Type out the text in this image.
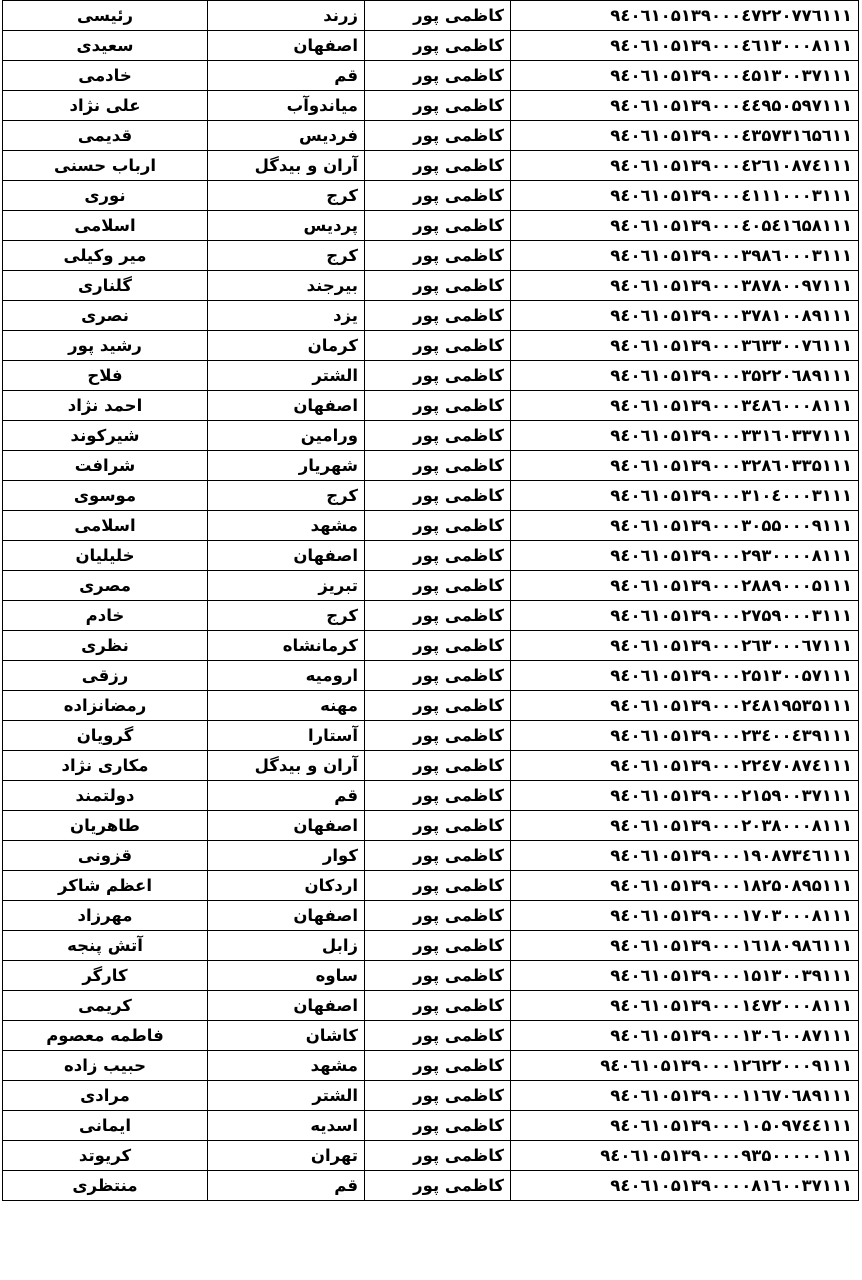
رئیسی	زرند	کاظمی پور	۹٤۰٦۱۰۵۱۳۹۰۰۰٤۷۲۲۰۷۷٦۱۱۱
سعیدی	اصفهان	کاظمی پور	۹٤۰٦۱۰۵۱۳۹۰۰۰٤٦۱۳۰۰۰۸۱۱۱
خادمی	قم	کاظمی پور	۹٤۰٦۱۰۵۱۳۹۰۰۰٤۵۱۳۰۰۳۷۱۱۱
علی نژاد	میاندوآب	کاظمی پور	۹٤۰٦۱۰۵۱۳۹۰۰۰٤٤۹۵۰۵۹۷۱۱۱
قدیمی	فردیس	کاظمی پور	۹٤۰٦۱۰۵۱۳۹۰۰۰٤۳۵۷۳۱٦۵٦۱۱
ارباب حسنی	آران و بیدگل	کاظمی پور	۹٤۰٦۱۰۵۱۳۹۰۰۰٤۲٦۱۰۸۷٤۱۱۱
نوری	کرج	کاظمی پور	۹٤۰٦۱۰۵۱۳۹۰۰۰٤۱۱۱۰۰۰۳۱۱۱
اسلامی	پردیس	کاظمی پور	۹٤۰٦۱۰۵۱۳۹۰۰۰٤۰۵٤۱٦۵۸۱۱۱
میر وکیلی	کرج	کاظمی پور	۹٤۰٦۱۰۵۱۳۹۰۰۰۳۹۸٦۰۰۰۳۱۱۱
گلناری	بیرجند	کاظمی پور	۹٤۰٦۱۰۵۱۳۹۰۰۰۳۸۷۸۰۰۹۷۱۱۱
نصری	یزد	کاظمی پور	۹٤۰٦۱۰۵۱۳۹۰۰۰۳۷۸۱۰۰۸۹۱۱۱
رشید پور	کرمان	کاظمی پور	۹٤۰٦۱۰۵۱۳۹۰۰۰۳٦۳۳۰۰۷٦۱۱۱
فلاح	الشتر	کاظمی پور	۹٤۰٦۱۰۵۱۳۹۰۰۰۳۵۲۲۰٦۸۹۱۱۱
احمد نژاد	اصفهان	کاظمی پور	۹٤۰٦۱۰۵۱۳۹۰۰۰۳٤۸٦۰۰۰۸۱۱۱
شیرکوند	ورامین	کاظمی پور	۹٤۰٦۱۰۵۱۳۹۰۰۰۳۳۱٦۰۳۳۷۱۱۱
شرافت	شهریار	کاظمی پور	۹٤۰٦۱۰۵۱۳۹۰۰۰۳۲۸٦۰۳۳۵۱۱۱
موسوی	کرج	کاظمی پور	۹٤۰٦۱۰۵۱۳۹۰۰۰۳۱۰٤۰۰۰۳۱۱۱
اسلامی	مشهد	کاظمی پور	۹٤۰٦۱۰۵۱۳۹۰۰۰۳۰۵۵۰۰۰۹۱۱۱
خلیلیان	اصفهان	کاظمی پور	۹٤۰٦۱۰۵۱۳۹۰۰۰۲۹۳۰۰۰۰۸۱۱۱
مصری	تبریز	کاظمی پور	۹٤۰٦۱۰۵۱۳۹۰۰۰۲۸۸۹۰۰۰۵۱۱۱
خادم	کرج	کاظمی پور	۹٤۰٦۱۰۵۱۳۹۰۰۰۲۷۵۹۰۰۰۳۱۱۱
نظری	کرمانشاه	کاظمی پور	۹٤۰٦۱۰۵۱۳۹۰۰۰۲٦۳۰۰۰٦۷۱۱۱
رزقی	ارومیه	کاظمی پور	۹٤۰٦۱۰۵۱۳۹۰۰۰۲۵۱۳۰۰۵۷۱۱۱
رمضانزاده	مهنه	کاظمی پور	۹٤۰٦۱۰۵۱۳۹۰۰۰۲٤۸۱۹۵۳۵۱۱۱
گرویان	آستارا	کاظمی پور	۹٤۰٦۱۰۵۱۳۹۰۰۰۲۳٤۰۰٤۳۹۱۱۱
مکاری نژاد	آران و بیدگل	کاظمی پور	۹٤۰٦۱۰۵۱۳۹۰۰۰۲۲٤۷۰۸۷٤۱۱۱
دولتمند	قم	کاظمی پور	۹٤۰٦۱۰۵۱۳۹۰۰۰۲۱۵۹۰۰۳۷۱۱۱
طاهریان	اصفهان	کاظمی پور	۹٤۰٦۱۰۵۱۳۹۰۰۰۲۰۳۸۰۰۰۸۱۱۱
قزونی	کوار	کاظمی پور	۹٤۰٦۱۰۵۱۳۹۰۰۰۱۹۰۸۷۳٤٦۱۱۱
اعظم شاکر	اردکان	کاظمی پور	۹٤۰٦۱۰۵۱۳۹۰۰۰۱۸۲۵۰۸۹۵۱۱۱
مهرزاد	اصفهان	کاظمی پور	۹٤۰٦۱۰۵۱۳۹۰۰۰۱۷۰۳۰۰۰۸۱۱۱
آتش پنجه	زابل	کاظمی پور	۹٤۰٦۱۰۵۱۳۹۰۰۰۱٦۱۸۰۹۸٦۱۱۱
کارگر	ساوه	کاظمی پور	۹٤۰٦۱۰۵۱۳۹۰۰۰۱۵۱۳۰۰۳۹۱۱۱
کریمی	اصفهان	کاظمی پور	۹٤۰٦۱۰۵۱۳۹۰۰۰۱٤۷۲۰۰۰۸۱۱۱
فاطمه معصوم	کاشان	کاظمی پور	۹٤۰٦۱۰۵۱۳۹۰۰۰۱۳۰٦۰۰۸۷۱۱۱
حبیب زاده	مشهد	کاظمی پور	۹٤۰٦۱۰۵۱۳۹۰۰۰۱۲٦۲۲۰۰۰۹۱۱۱
مرادی	الشتر	کاظمی پور	۹٤۰٦۱۰۵۱۳۹۰۰۰۱۱٦۷۰٦۸۹۱۱۱
ایمانی	اسدیه	کاظمی پور	۹٤۰٦۱۰۵۱۳۹۰۰۰۱۰۵۰۹۷٤٤۱۱۱
کریوتد	تهران	کاظمی پور	۹٤۰٦۱۰۵۱۳۹۰۰۰۰۹۳۵۰۰۰۰۰۱۱۱
منتظری	قم	کاظمی پور	۹٤۰٦۱۰۵۱۳۹۰۰۰۰۸۱٦۰۰۳۷۱۱۱
